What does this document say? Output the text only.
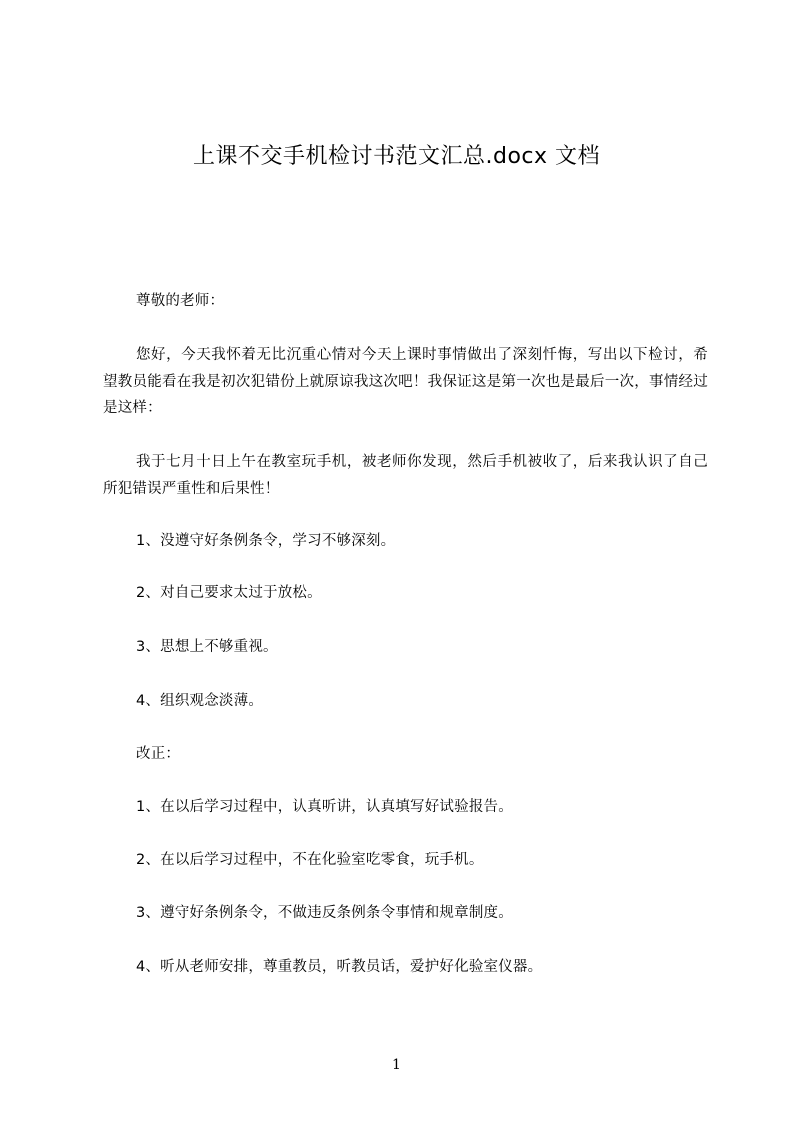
上课不交手机检讨书范文汇总.docx 文档
尊敬的老师：
您好，今天我怀着无比沉重心情对今天上课时事情做出了深刻忏悔，写出以下检讨，希望教员能看在我是初次犯错份上就原谅我这次吧！我保证这是第一次也是最后一次，事情经过是这样：
我于七月十日上午在教室玩手机，被老师你发现，然后手机被收了，后来我认识了自己所犯错误严重性和后果性！
1、没遵守好条例条令，学习不够深刻。
2、对自己要求太过于放松。
3、思想上不够重视。
4、组织观念淡薄。
改正：
1、在以后学习过程中，认真听讲，认真填写好试验报告。
2、在以后学习过程中，不在化验室吃零食，玩手机。
3、遵守好条例条令，不做违反条例条令事情和规章制度。
4、听从老师安排，尊重教员，听教员话，爱护好化验室仪器。
1
